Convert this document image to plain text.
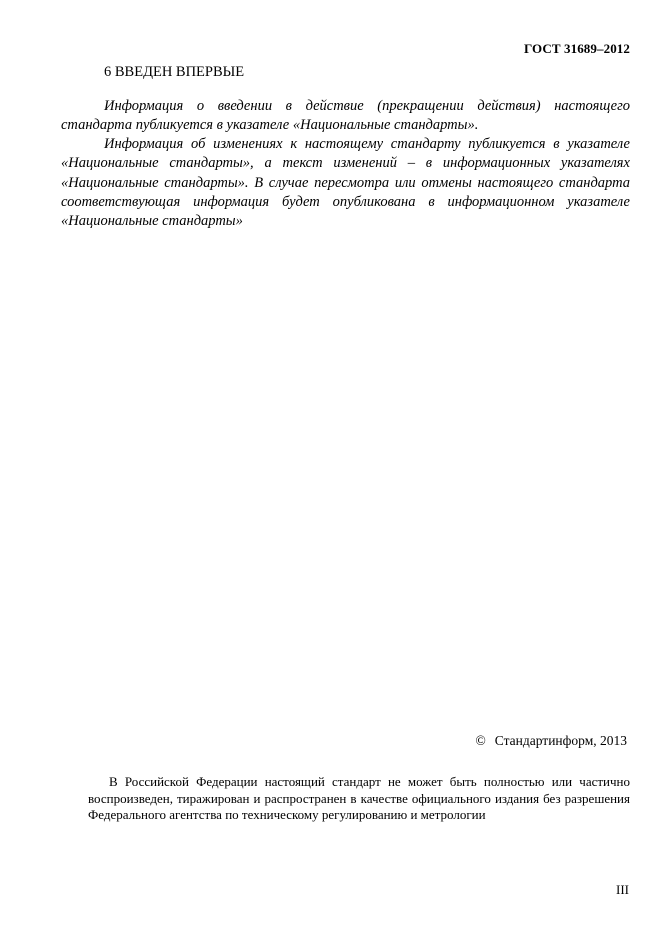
ГОСТ 31689–2012
6 ВВЕДЕН ВПЕРВЫЕ

Информация о введении в действие (прекращении действия) настоящего стандарта публикуется в указателе «Национальные стандарты».

Информация об изменениях к настоящему стандарту публикуется в указателе «Национальные стандарты», а текст изменений – в информационных указателях «Национальные стандарты». В случае пересмотра или отмены настоящего стандарта соответствующая информация будет опубликована в информационном указателе «Национальные стандарты»

© Стандартинформ, 2013

В Российской Федерации настоящий стандарт не может быть полностью или частично воспроизведен, тиражирован и распространен в качестве официального издания без разрешения Федерального агентства по техническому регулированию и метрологии

III
